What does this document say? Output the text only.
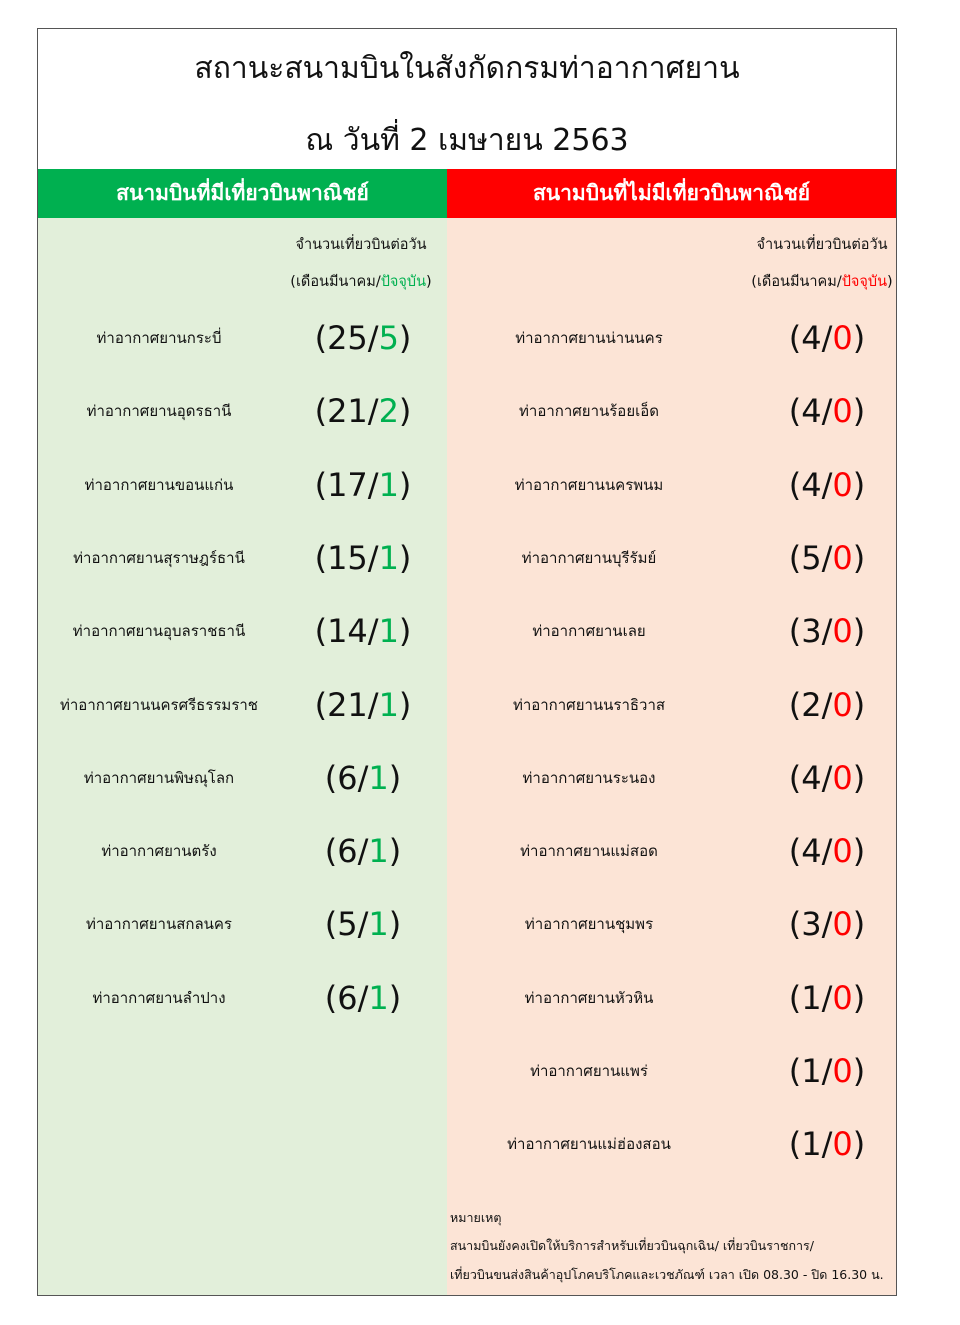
สถานะสนามบินในสังกัดกรมท่าอากาศยาน
ณ วันที่ 2 เมษายน 2563
สนามบินที่มีเที่ยวบินพาณิชย์
จำนวนเที่ยวบินต่อวัน
(เดือนมีนาคม/ปัจจุบัน)
ท่าอากาศยานกระบี่	(25/5)
ท่าอากาศยานอุดรธานี	(21/2)
ท่าอากาศยานขอนแก่น	(17/1)
ท่าอากาศยานสุราษฎร์ธานี	(15/1)
ท่าอากาศยานอุบลราชธานี	(14/1)
ท่าอากาศยานนครศรีธรรมราช	(21/1)
ท่าอากาศยานพิษณุโลก	(6/1)
ท่าอากาศยานตรัง	(6/1)
ท่าอากาศยานสกลนคร	(5/1)
ท่าอากาศยานลำปาง	(6/1)
สนามบินที่ไม่มีเที่ยวบินพาณิชย์
จำนวนเที่ยวบินต่อวัน
(เดือนมีนาคม/ปัจจุบัน)
ท่าอากาศยานน่านนคร	(4/0)
ท่าอากาศยานร้อยเอ็ด	(4/0)
ท่าอากาศยานนครพนม	(4/0)
ท่าอากาศยานบุรีรัมย์	(5/0)
ท่าอากาศยานเลย	(3/0)
ท่าอากาศยานนราธิวาส	(2/0)
ท่าอากาศยานระนอง	(4/0)
ท่าอากาศยานแม่สอด	(4/0)
ท่าอากาศยานชุมพร	(3/0)
ท่าอากาศยานหัวหิน	(1/0)
ท่าอากาศยานแพร่	(1/0)
ท่าอากาศยานแม่ฮ่องสอน	(1/0)
หมายเหตุ
สนามบินยังคงเปิดให้บริการสำหรับเที่ยวบินฉุกเฉิน/ เที่ยวบินราชการ/
เที่ยวบินขนส่งสินค้าอุปโภคบริโภคและเวชภัณฑ์ เวลา เปิด 08.30 - ปิด 16.30 น.
